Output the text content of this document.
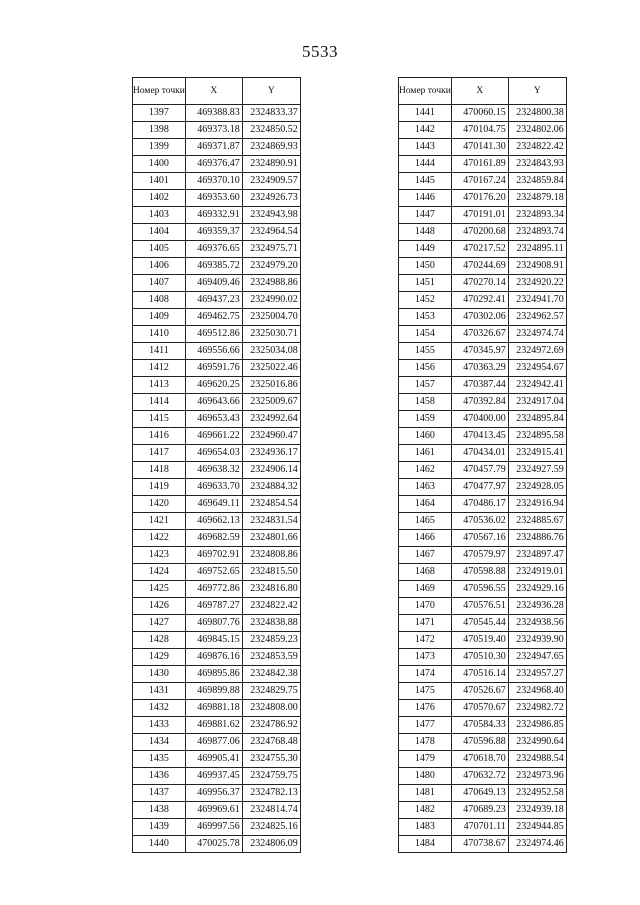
5533
Номер точки	X	Y
1397	469388.83	2324833.37
1398	469373.18	2324850.52
1399	469371.87	2324869.93
1400	469376.47	2324890.91
1401	469370.10	2324909.57
1402	469353.60	2324926.73
1403	469332.91	2324943.98
1404	469359.37	2324964.54
1405	469376.65	2324975.71
1406	469385.72	2324979.20
1407	469409.46	2324988.86
1408	469437.23	2324990.02
1409	469462.75	2325004.70
1410	469512.86	2325030.71
1411	469556.66	2325034.08
1412	469591.76	2325022.46
1413	469620.25	2325016.86
1414	469643.66	2325009.67
1415	469653.43	2324992.64
1416	469661.22	2324960.47
1417	469654.03	2324936.17
1418	469638.32	2324906.14
1419	469633.70	2324884.32
1420	469649.11	2324854.54
1421	469662.13	2324831.54
1422	469682.59	2324801.66
1423	469702.91	2324808.86
1424	469752.65	2324815.50
1425	469772.86	2324816.80
1426	469787.27	2324822.42
1427	469807.76	2324838.88
1428	469845.15	2324859.23
1429	469876.16	2324853.59
1430	469895.86	2324842.38
1431	469899.88	2324829.75
1432	469881.18	2324808.00
1433	469881.62	2324786.92
1434	469877.06	2324768.48
1435	469905.41	2324755.30
1436	469937.45	2324759.75
1437	469956.37	2324782.13
1438	469969.61	2324814.74
1439	469997.56	2324825.16
1440	470025.78	2324806.09
Номер точки	X	Y
1441	470060.15	2324800.38
1442	470104.75	2324802.06
1443	470141.30	2324822.42
1444	470161.89	2324843.93
1445	470167.24	2324859.84
1446	470176.20	2324879.18
1447	470191.01	2324893.34
1448	470200.68	2324893.74
1449	470217.52	2324895.11
1450	470244.69	2324908.91
1451	470270.14	2324920.22
1452	470292.41	2324941.70
1453	470302.06	2324962.57
1454	470326.67	2324974.74
1455	470345.97	2324972.69
1456	470363.29	2324954.67
1457	470387.44	2324942.41
1458	470392.84	2324917.04
1459	470400.00	2324895.84
1460	470413.45	2324895.58
1461	470434.01	2324915.41
1462	470457.79	2324927.59
1463	470477.97	2324928.05
1464	470486.17	2324916.94
1465	470536.02	2324885.67
1466	470567.16	2324886.76
1467	470579.97	2324897.47
1468	470598.88	2324919.01
1469	470596.55	2324929.16
1470	470576.51	2324936.28
1471	470545.44	2324938.56
1472	470519.40	2324939.90
1473	470510.30	2324947.65
1474	470516.14	2324957.27
1475	470526.67	2324968.40
1476	470570.67	2324982.72
1477	470584.33	2324986.85
1478	470596.88	2324990.64
1479	470618.70	2324988.54
1480	470632.72	2324973.96
1481	470649.13	2324952.58
1482	470689.23	2324939.18
1483	470701.11	2324944.85
1484	470738.67	2324974.46
